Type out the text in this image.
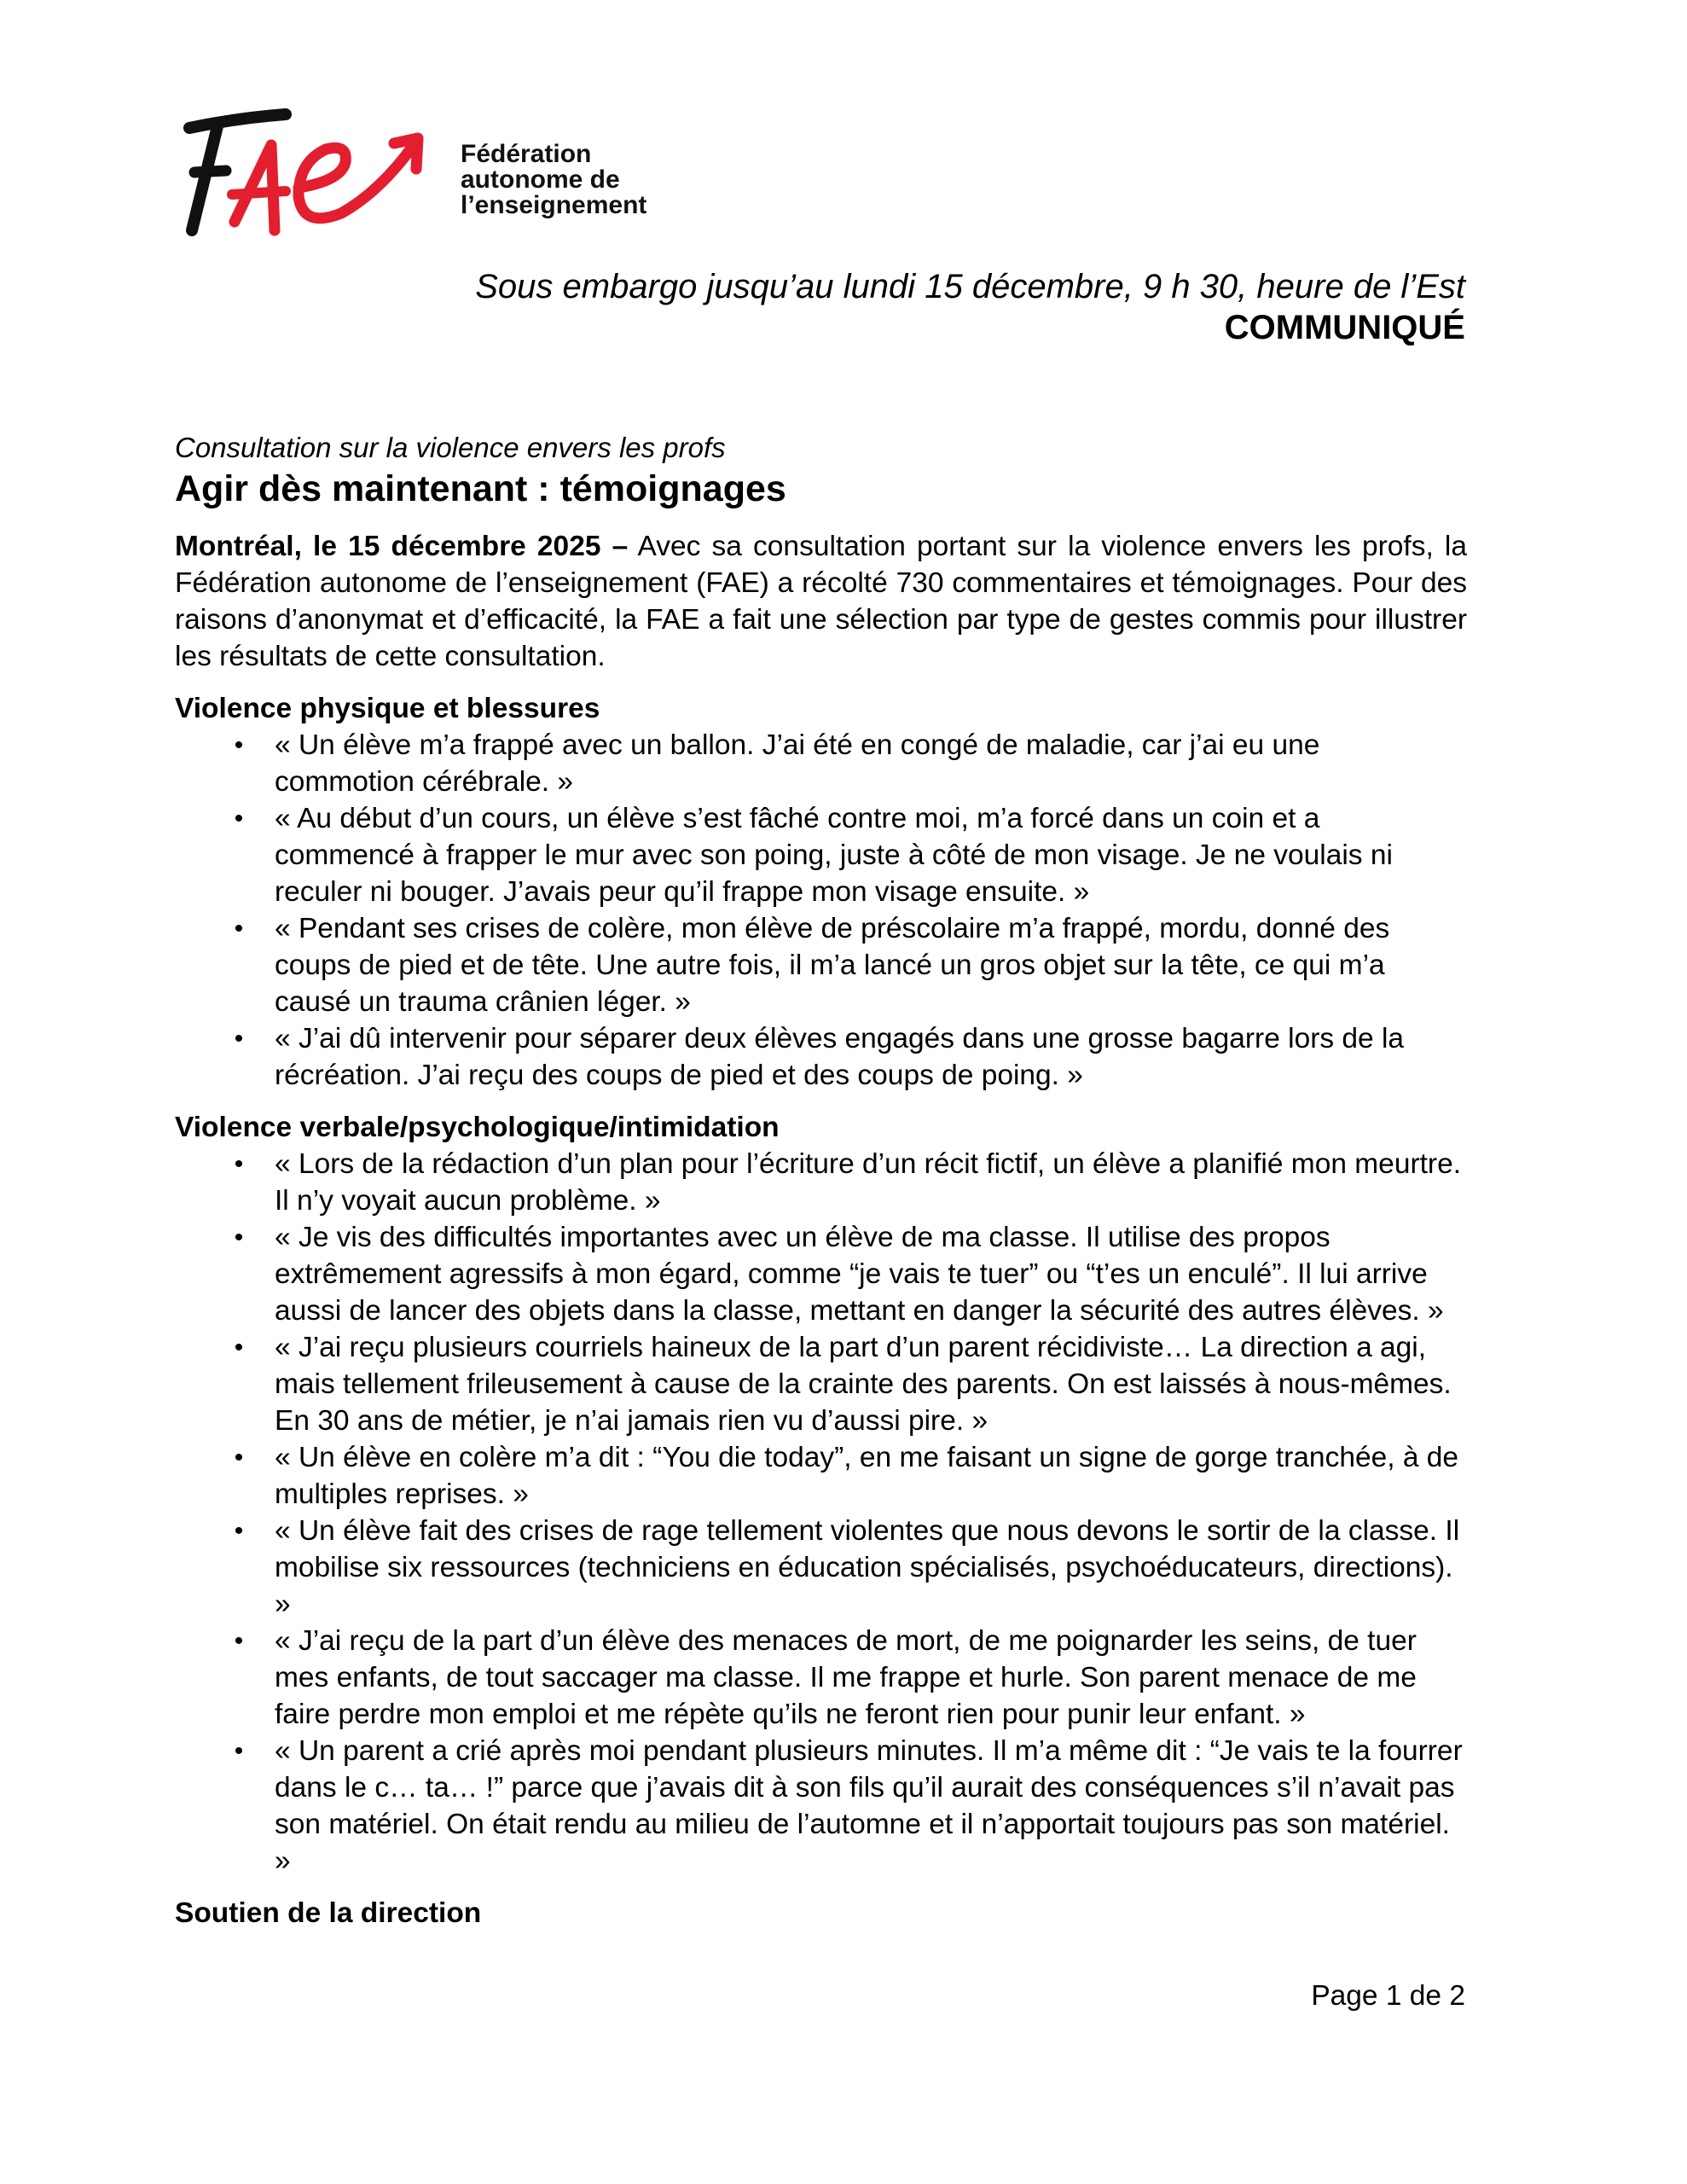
Fédération
autonome de
l’enseignement
Sous embargo jusqu’au lundi 15 décembre, 9 h 30, heure de l’Est
COMMUNIQUÉ

Consultation sur la violence envers les profs

Agir dès maintenant : témoignages

Montréal, le 15 décembre 2025 – Avec sa consultation portant sur la violence envers les profs, la Fédération autonome de l’enseignement (FAE) a récolté 730 commentaires et témoignages. Pour des raisons d’anonymat et d’efficacité, la FAE a fait une sélection par type de gestes commis pour illustrer les résultats de cette consultation.

Violence physique et blessures
• « Un élève m’a frappé avec un ballon. J’ai été en congé de maladie, car j’ai eu une commotion cérébrale. »
• « Au début d’un cours, un élève s’est fâché contre moi, m’a forcé dans un coin et a commencé à frapper le mur avec son poing, juste à côté de mon visage. Je ne voulais ni reculer ni bouger. J’avais peur qu’il frappe mon visage ensuite. »
• « Pendant ses crises de colère, mon élève de préscolaire m’a frappé, mordu, donné des coups de pied et de tête. Une autre fois, il m’a lancé un gros objet sur la tête, ce qui m’a causé un trauma crânien léger. »
• « J’ai dû intervenir pour séparer deux élèves engagés dans une grosse bagarre lors de la récréation. J’ai reçu des coups de pied et des coups de poing. »
Violence verbale/psychologique/intimidation
• « Lors de la rédaction d’un plan pour l’écriture d’un récit fictif, un élève a planifié mon meurtre. Il n’y voyait aucun problème. »
• « Je vis des difficultés importantes avec un élève de ma classe. Il utilise des propos extrêmement agressifs à mon égard, comme “je vais te tuer” ou “t’es un enculé”. Il lui arrive aussi de lancer des objets dans la classe, mettant en danger la sécurité des autres élèves. »
• « J’ai reçu plusieurs courriels haineux de la part d’un parent récidiviste… La direction a agi, mais tellement frileusement à cause de la crainte des parents. On est laissés à nous-mêmes. En 30 ans de métier, je n’ai jamais rien vu d’aussi pire. »
• « Un élève en colère m’a dit : “You die today”, en me faisant un signe de gorge tranchée, à de multiples reprises. »
• « Un élève fait des crises de rage tellement violentes que nous devons le sortir de la classe. Il mobilise six ressources (techniciens en éducation spécialisés, psychoéducateurs, directions). »
• « J’ai reçu de la part d’un élève des menaces de mort, de me poignarder les seins, de tuer mes enfants, de tout saccager ma classe. Il me frappe et hurle. Son parent menace de me faire perdre mon emploi et me répète qu’ils ne feront rien pour punir leur enfant. »
• « Un parent a crié après moi pendant plusieurs minutes. Il m’a même dit : “Je vais te la fourrer dans le c… ta… !” parce que j’avais dit à son fils qu’il aurait des conséquences s’il n’avait pas son matériel. On était rendu au milieu de l’automne et il n’apportait toujours pas son matériel. »
Soutien de la direction
Page 1 de 2
